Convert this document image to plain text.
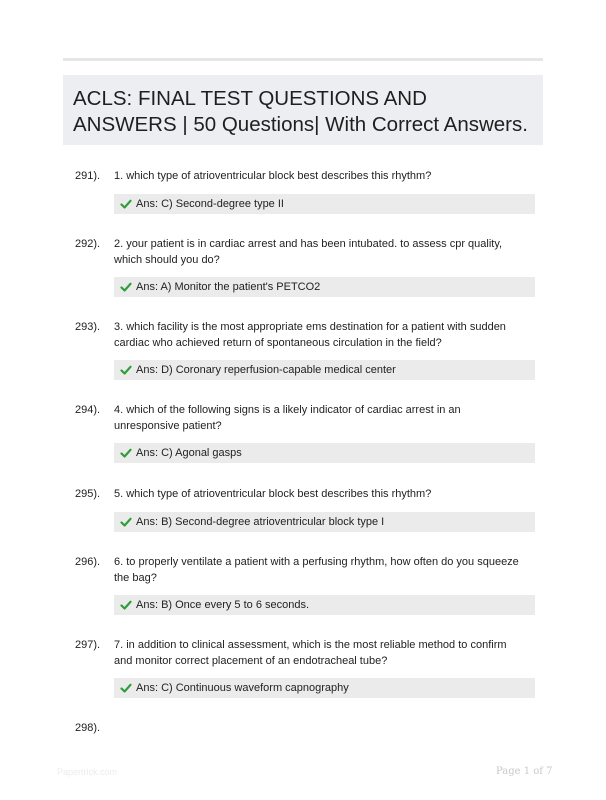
ACLS: FINAL TEST QUESTIONS AND ANSWERS | 50 Questions| With Correct Answers.
291). 1. which type of atrioventricular block best describes this rhythm?
Ans: C) Second-degree type II
292). 2. your patient is in cardiac arrest and has been intubated. to assess cpr quality, which should you do?
Ans: A) Monitor the patient's PETCO2
293). 3. which facility is the most appropriate ems destination for a patient with sudden cardiac who achieved return of spontaneous circulation in the field?
Ans: D) Coronary reperfusion-capable medical center
294). 4. which of the following signs is a likely indicator of cardiac arrest in an unresponsive patient?
Ans: C) Agonal gasps
295). 5. which type of atrioventricular block best describes this rhythm?
Ans: B) Second-degree atrioventricular block type I
296). 6. to properly ventilate a patient with a perfusing rhythm, how often do you squeeze the bag?
Ans: B) Once every 5 to 6 seconds.
297). 7. in addition to clinical assessment, which is the most reliable method to confirm and monitor correct placement of an endotracheal tube?
Ans: C) Continuous waveform capnography
298).
Papertrick.com	Page 1 of 7
